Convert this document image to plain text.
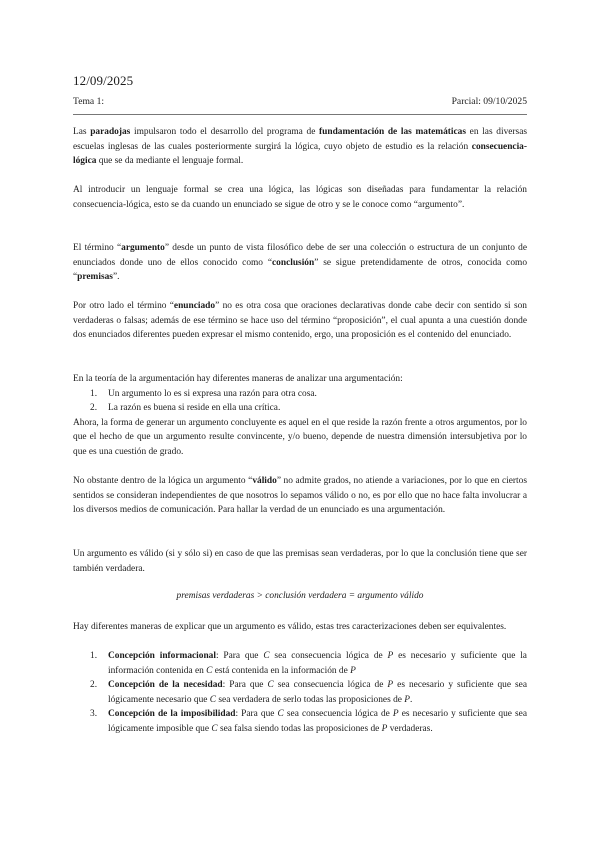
12/09/2025
Tema 1:	Parcial: 09/10/2025
Las paradojas impulsaron todo el desarrollo del programa de fundamentación de las matemáticas en las diversas escuelas inglesas de las cuales posteriormente surgirá la lógica, cuyo objeto de estudio es la relación consecuencia-lógica que se da mediante el lenguaje formal.
Al introducir un lenguaje formal se crea una lógica, las lógicas son diseñadas para fundamentar la relación consecuencia-lógica, esto se da cuando un enunciado se sigue de otro y se le conoce como “argumento”.
El término “argumento” desde un punto de vista filosófico debe de ser una colección o estructura de un conjunto de enunciados donde uno de ellos conocido como “conclusión” se sigue pretendidamente de otros, conocida como “premisas”.
Por otro lado el término “enunciado” no es otra cosa que oraciones declarativas donde cabe decir con sentido si son verdaderas o falsas; además de ese término se hace uso del término “proposición”, el cual apunta a una cuestión donde dos enunciados diferentes pueden expresar el mismo contenido, ergo, una proposición es el contenido del enunciado.
En la teoría de la argumentación hay diferentes maneras de analizar una argumentación:
1. Un argumento lo es si expresa una razón para otra cosa.
2. La razón es buena si reside en ella una crítica.
Ahora, la forma de generar un argumento concluyente es aquel en el que reside la razón frente a otros argumentos, por lo que el hecho de que un argumento resulte convincente, y/o bueno, depende de nuestra dimensión intersubjetiva por lo que es una cuestión de grado.
No obstante dentro de la lógica un argumento “válido” no admite grados, no atiende a variaciones, por lo que en ciertos sentidos se consideran independientes de que nosotros lo sepamos válido o no, es por ello que no hace falta involucrar a los diversos medios de comunicación. Para hallar la verdad de un enunciado es una argumentación.
Un argumento es válido (si y sólo si) en caso de que las premisas sean verdaderas, por lo que la conclusión tiene que ser también verdadera.
premisas verdaderas > conclusión verdadera = argumento válido
Hay diferentes maneras de explicar que un argumento es válido, estas tres caracterizaciones deben ser equivalentes.
1. Concepción informacional: Para que C sea consecuencia lógica de P es necesario y suficiente que la información contenida en C está contenida en la información de P
2. Concepción de la necesidad: Para que C sea consecuencia lógica de P es necesario y suficiente que sea lógicamente necesario que C sea verdadera de serlo todas las proposiciones de P.
3. Concepción de la imposibilidad: Para que C sea consecuencia lógica de P es necesario y suficiente que sea lógicamente imposible que C sea falsa siendo todas las proposiciones de P verdaderas.
